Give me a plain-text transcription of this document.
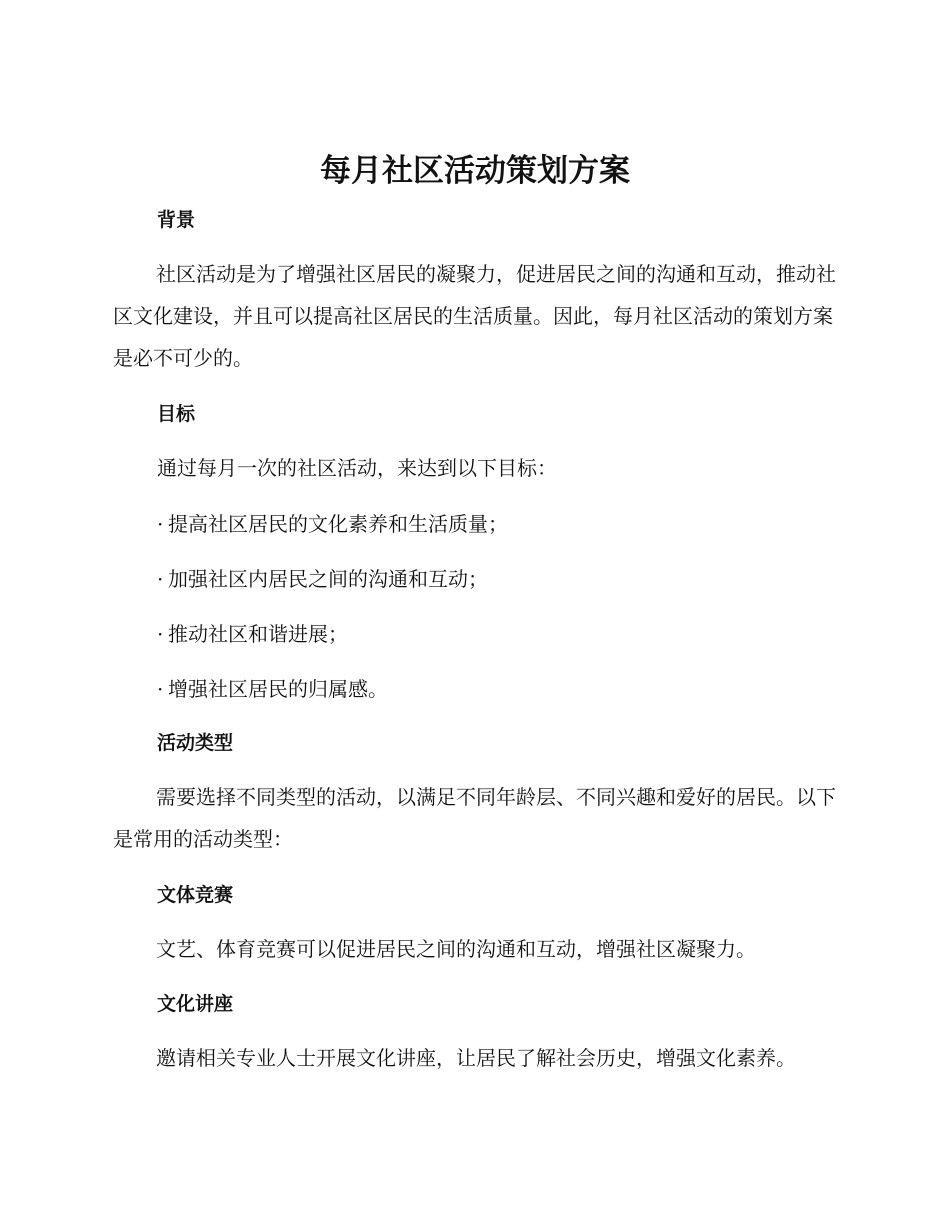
每月社区活动策划方案
背景

社区活动是为了增强社区居民的凝聚力，促进居民之间的沟通和互动，推动社区文化建设，并且可以提高社区居民的生活质量。因此，每月社区活动的策划方案是必不可少的。

目标

通过每月一次的社区活动，来达到以下目标：

· 提高社区居民的文化素养和生活质量；

· 加强社区内居民之间的沟通和互动；

· 推动社区和谐进展；

· 增强社区居民的归属感。

活动类型

需要选择不同类型的活动，以满足不同年龄层、不同兴趣和爱好的居民。以下是常用的活动类型：

文体竞赛

文艺、体育竞赛可以促进居民之间的沟通和互动，增强社区凝聚力。

文化讲座

邀请相关专业人士开展文化讲座，让居民了解社会历史，增强文化素养。
